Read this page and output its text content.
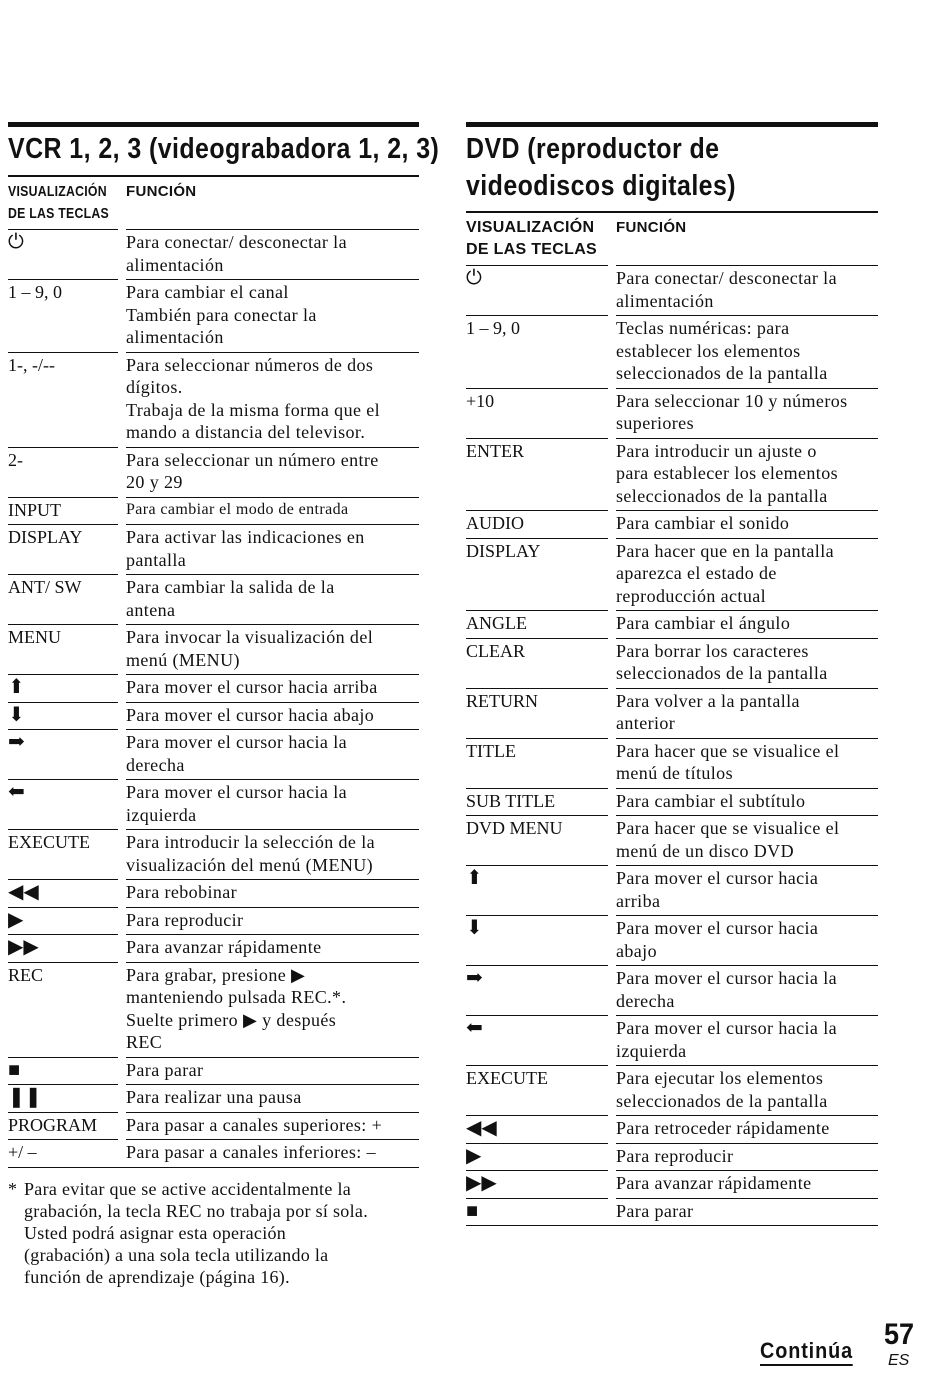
VCR 1, 2, 3 (videograbadora 1, 2, 3)
VISUALIZACIÓN
DE LAS TECLAS
FUNCIÓN
⏻	Para conectar/ desconectar la
alimentación
1 – 9, 0	Para cambiar el canal
También para conectar la
alimentación
1-, -/--	Para seleccionar números de dos
dígitos.
Trabaja de la misma forma que el
mando a distancia del televisor.
2-	Para seleccionar un número entre
20 y 29
INPUT	Para cambiar el modo de entrada
DISPLAY	Para activar las indicaciones en
pantalla
ANT/ SW	Para cambiar la salida de la
antena
MENU	Para invocar la visualización del
menú (MENU)
⬆	Para mover el cursor hacia arriba
⬇	Para mover el cursor hacia abajo
➡	Para mover el cursor hacia la
derecha
⬅	Para mover el cursor hacia la
izquierda
EXECUTE	Para introducir la selección de la
visualización del menú (MENU)
◀◀	Para rebobinar
▶	Para reproducir
▶▶	Para avanzar rápidamente
REC	Para grabar, presione ▶
manteniendo pulsada REC.*.
Suelte primero ▶ y después
REC
■	Para parar
❚❚	Para realizar una pausa
PROGRAM	Para pasar a canales superiores: +
+/ –	Para pasar a canales inferiores: –
* Para evitar que se active accidentalmente la
grabación, la tecla REC no trabaja por sí sola.
Usted podrá asignar esta operación
(grabación) a una sola tecla utilizando la
función de aprendizaje (página 16).
DVD (reproductor de
videodiscos digitales)
VISUALIZACIÓN
DE LAS TECLAS
FUNCIÓN
⏻	Para conectar/ desconectar la
alimentación
1 – 9, 0	Teclas numéricas: para
establecer los elementos
seleccionados de la pantalla
+10	Para seleccionar 10 y números
superiores
ENTER	Para introducir un ajuste o
para establecer los elementos
seleccionados de la pantalla
AUDIO	Para cambiar el sonido
DISPLAY	Para hacer que en la pantalla
aparezca el estado de
reproducción actual
ANGLE	Para cambiar el ángulo
CLEAR	Para borrar los caracteres
seleccionados de la pantalla
RETURN	Para volver a la pantalla
anterior
TITLE	Para hacer que se visualice el
menú de títulos
SUB TITLE	Para cambiar el subtítulo
DVD MENU	Para hacer que se visualice el
menú de un disco DVD
⬆	Para mover el cursor hacia
arriba
⬇	Para mover el cursor hacia
abajo
➡	Para mover el cursor hacia la
derecha
⬅	Para mover el cursor hacia la
izquierda
EXECUTE	Para ejecutar los elementos
seleccionados de la pantalla
◀◀	Para retroceder rápidamente
▶	Para reproducir
▶▶	Para avanzar rápidamente
■	Para parar
Continúa 57
ES
